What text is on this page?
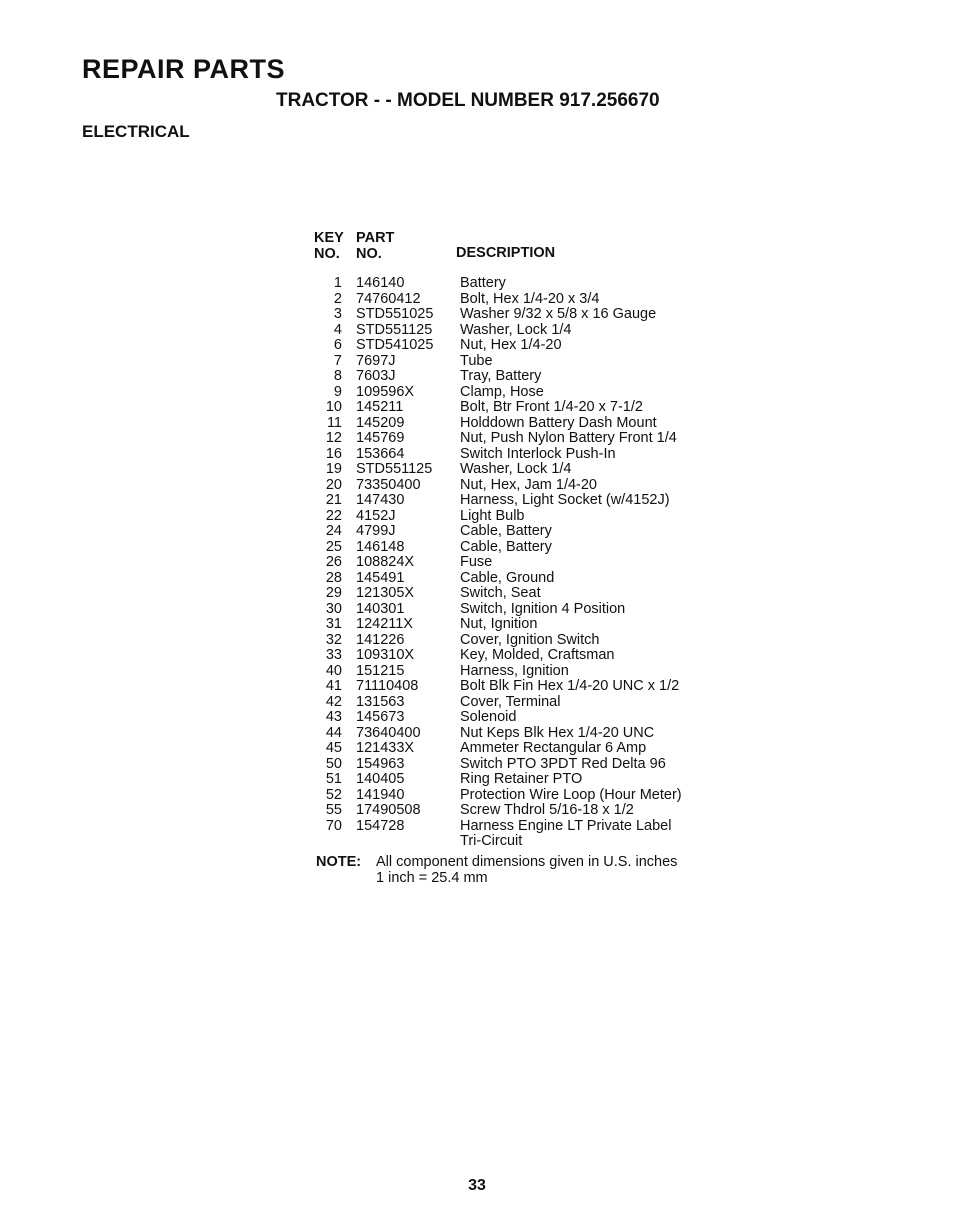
REPAIR PARTS
TRACTOR - - MODEL NUMBER 917.256670
ELECTRICAL
KEY
NO.
PART
NO.	DESCRIPTION
1	146140	Battery
2	74760412	Bolt, Hex 1/4-20 x 3/4
3	STD551025	Washer 9/32 x 5/8 x 16 Gauge
4	STD551125	Washer, Lock 1/4
6	STD541025	Nut, Hex 1/4-20
7	7697J	Tube
8	7603J	Tray, Battery
9	109596X	Clamp, Hose
10	145211	Bolt, Btr Front 1/4-20 x 7-1/2
11	145209	Holddown Battery Dash Mount
12	145769	Nut, Push Nylon Battery Front 1/4
16	153664	Switch Interlock Push-In
19	STD551125	Washer, Lock 1/4
20	73350400	Nut, Hex, Jam 1/4-20
21	147430	Harness, Light Socket (w/4152J)
22	4152J	Light Bulb
24	4799J	Cable, Battery
25	146148	Cable, Battery
26	108824X	Fuse
28	145491	Cable, Ground
29	121305X	Switch, Seat
30	140301	Switch, Ignition 4 Position
31	124211X	Nut, Ignition
32	141226	Cover, Ignition Switch
33	109310X	Key, Molded, Craftsman
40	151215	Harness, Ignition
41	71110408	Bolt Blk Fin Hex 1/4-20 UNC x 1/2
42	131563	Cover, Terminal
43	145673	Solenoid
44	73640400	Nut Keps Blk Hex 1/4-20 UNC
45	121433X	Ammeter Rectangular 6 Amp
50	154963	Switch PTO 3PDT Red Delta 96
51	140405	Ring Retainer PTO
52	141940	Protection Wire Loop (Hour Meter)
55	17490508	Screw Thdrol 5/16-18 x 1/2
70	154728	Harness Engine LT Private Label
		Tri-Circuit
NOTE: All component dimensions given in U.S. inches
1 inch = 25.4 mm
33
